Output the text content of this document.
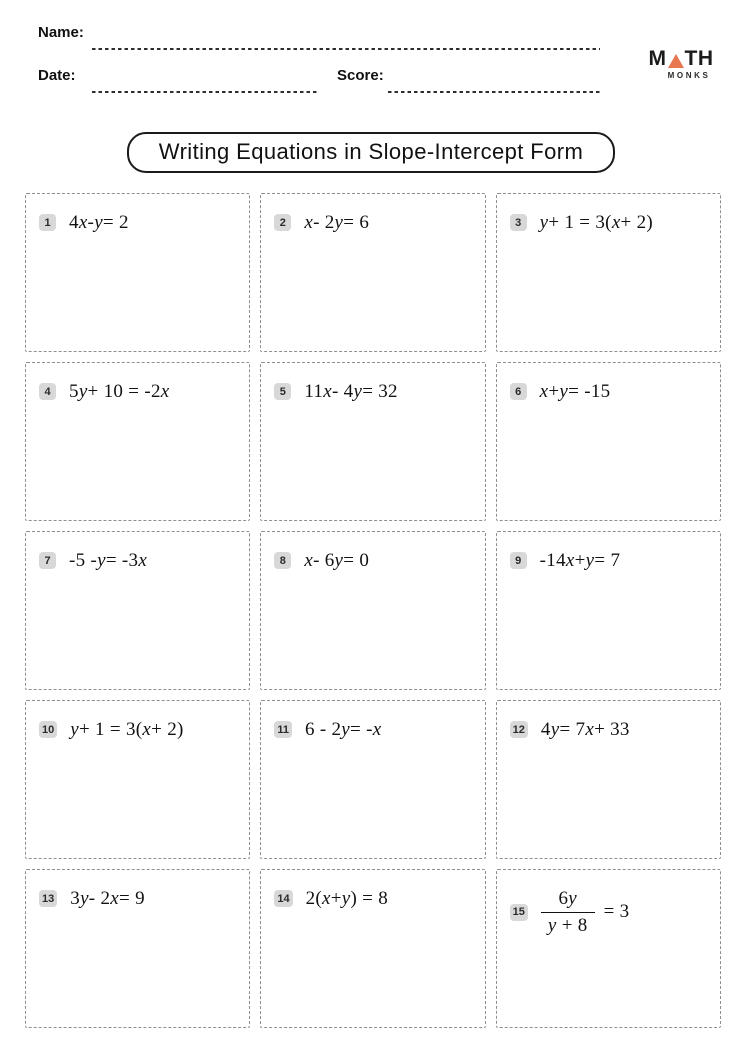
Name:
Date:	Score:
M TH
MONKS
Writing Equations in Slope-Intercept Form
1 4 x - y = 2	2 x - 2 y = 6	3 y + 1 = 3( x + 2)
4 5 y + 10 = -2 x	5 11 x - 4 y = 32	6 x + y = -15
7 -5 - y = -3 x	8 x - 6 y = 0	9 -14 x + y = 7
10 y + 1 = 3( x + 2)	11 6 - 2 y = - x	12 4 y = 7 x + 33
13 3 y - 2 x = 9	14 2( x + y ) = 8
$15 \frac{6y}{y + 8} = 3$
